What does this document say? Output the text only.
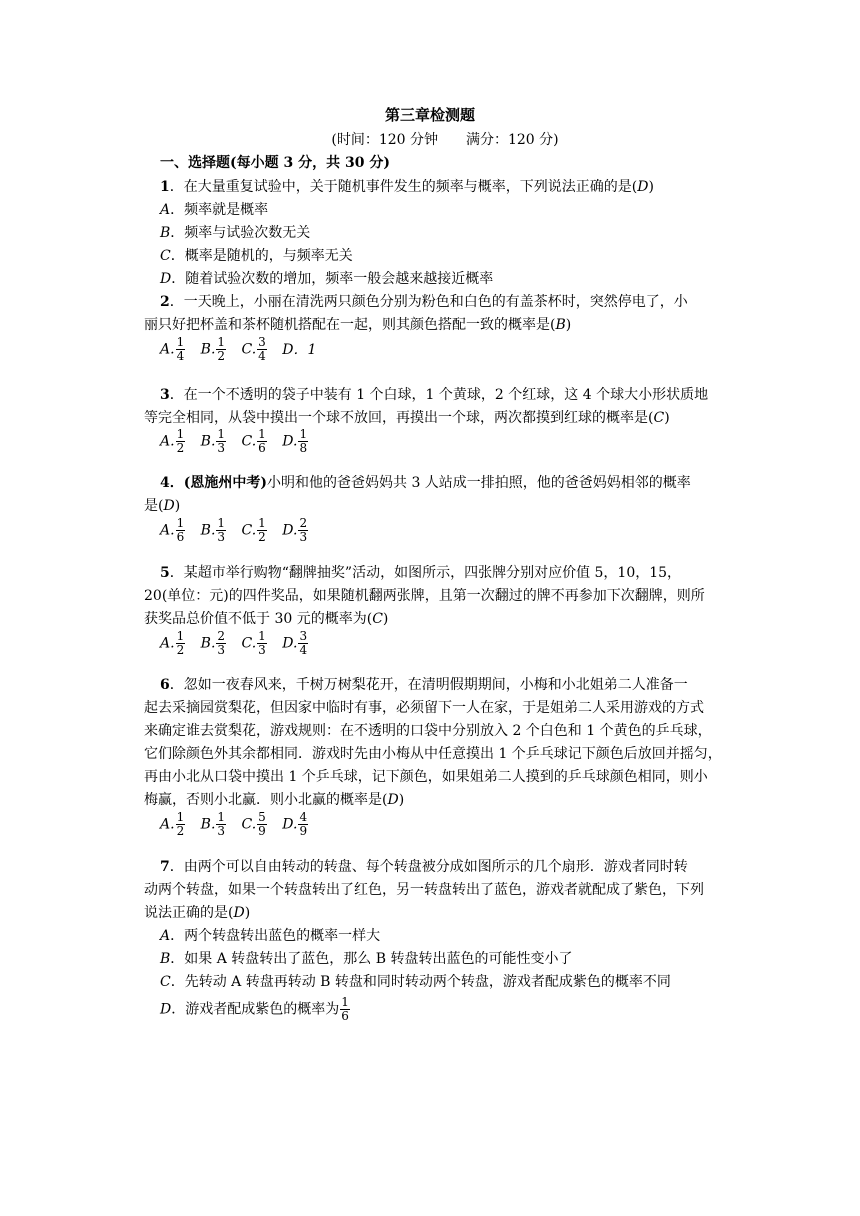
第三章检测题
(时间：120 分钟　　满分：120 分)
一、选择题(每小题 3 分，共 30 分)
1．在大量重复试验中，关于随机事件发生的频率与概率，下列说法正确的是(D)
A．频率就是概率
B．频率与试验次数无关
C．概率是随机的，与频率无关
D．随着试验次数的增加，频率一般会越来越接近概率
2．一天晚上，小丽在清洗两只颜色分别为粉色和白色的有盖茶杯时，突然停电了，小
丽只好把杯盖和茶杯随机搭配在一起，则其颜色搭配一致的概率是(B)
A. $\frac{1}{4} B$. $\frac{1}{2} C$. $\frac{3}{4}$ D．1
3．在一个不透明的袋子中装有 1 个白球，1 个黄球，2 个红球，这 4 个球大小形状质地
等完全相同，从袋中摸出一个球不放回，再摸出一个球，两次都摸到红球的概率是(C)
A. $\frac{1}{2} B$. $\frac{1}{3} C$. $\frac{1}{6} D$. $\frac{1}{8}$
4．(恩施州中考)小明和他的爸爸妈妈共 3 人站成一排拍照，他的爸爸妈妈相邻的概率
是(D)
A. $\frac{1}{6} B$. $\frac{1}{3} C$. $\frac{1}{2} D$. $\frac{2}{3}$
5．某超市举行购物“翻牌抽奖”活动，如图所示，四张牌分别对应价值 5，10，15，
20(单位：元)的四件奖品，如果随机翻两张牌，且第一次翻过的牌不再参加下次翻牌，则所
获奖品总价值不低于 30 元的概率为(C)
A. $\frac{1}{2} B$. $\frac{2}{3} C$. $\frac{1}{3} D$. $\frac{3}{4}$
6．忽如一夜春风来，千树万树梨花开，在清明假期期间，小梅和小北姐弟二人准备一
起去采摘园赏梨花，但因家中临时有事，必须留下一人在家，于是姐弟二人采用游戏的方式
来确定谁去赏梨花，游戏规则：在不透明的口袋中分别放入 2 个白色和 1 个黄色的乒乓球，
它们除颜色外其余都相同．游戏时先由小梅从中任意摸出 1 个乒乓球记下颜色后放回并摇匀，
再由小北从口袋中摸出 1 个乒乓球，记下颜色，如果姐弟二人摸到的乒乓球颜色相同，则小
梅赢，否则小北赢．则小北赢的概率是(D)
A. $\frac{1}{2} B$. $\frac{1}{3} C$. $\frac{5}{9} D$. $\frac{4}{9}$
7．由两个可以自由转动的转盘、每个转盘被分成如图所示的几个扇形．游戏者同时转
动两个转盘，如果一个转盘转出了红色，另一转盘转出了蓝色，游戏者就配成了紫色，下列
说法正确的是(D)
A．两个转盘转出蓝色的概率一样大
B．如果 A 转盘转出了蓝色，那么 B 转盘转出蓝色的可能性变小了
C．先转动 A 转盘再转动 B 转盘和同时转动两个转盘，游戏者配成紫色的概率不同
D．游戏者配成紫色的概率为 $\frac{1}{6}$
